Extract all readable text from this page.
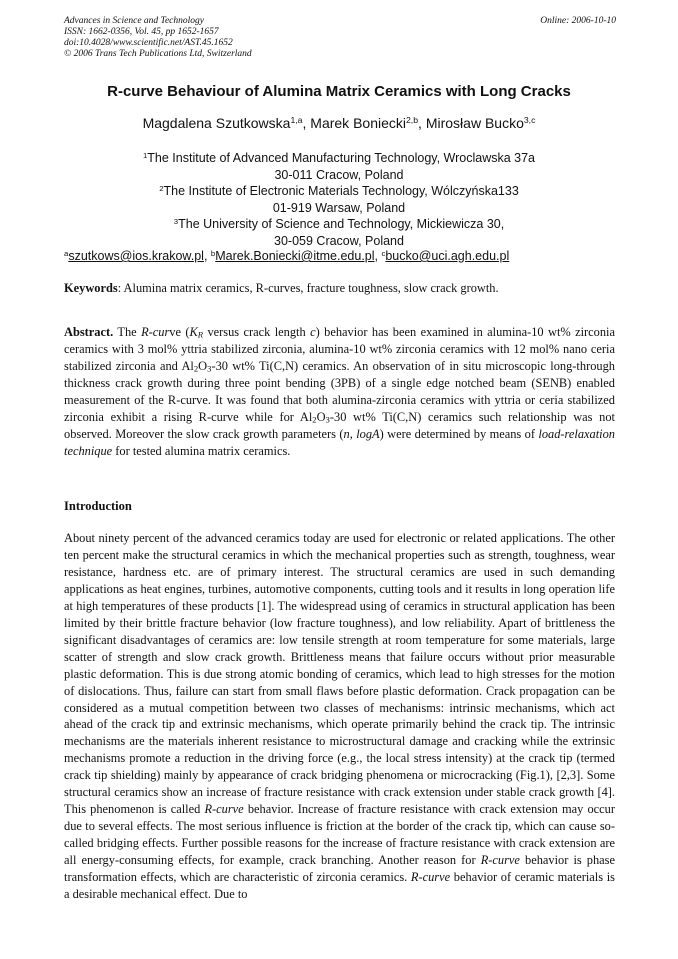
Advances in Science and Technology
ISSN: 1662-0356, Vol. 45, pp 1652-1657
doi:10.4028/www.scientific.net/AST.45.1652
© 2006 Trans Tech Publications Ltd, Switzerland
Online: 2006-10-10
R-curve Behaviour of Alumina Matrix Ceramics with Long Cracks
Magdalena Szutkowska$^{1,a}$, Marek Boniecki$^{2,b}$, Mirosław Bucko$^{3,c}$
$^1$The Institute of Advanced Manufacturing Technology, Wroclawska 37a
30-011 Cracow, Poland
$^2$The Institute of Electronic Materials Technology, Wólczyńska133
01-919 Warsaw, Poland
$^3$The University of Science and Technology, Mickiewicza 30,
30-059 Cracow, Poland
$^a$szutkows@ios.krakow.pl, $^b$Marek.Boniecki@itme.edu.pl, $^c$bucko@uci.agh.edu.pl
Keywords: Alumina matrix ceramics, R-curves, fracture toughness, slow crack growth.
Abstract. The R-curve ($K_R$ versus crack length c) behavior has been examined in alumina-10 wt% zirconia ceramics with 3 mol% yttria stabilized zirconia, alumina-10 wt% zirconia ceramics with 12 mol% nano ceria stabilized zirconia and $Al_2O_3-30$ wt% Ti(C,N) ceramics. An observation of in situ microscopic long-through thickness crack growth during three point bending (3PB) of a single edge notched beam (SENB) enabled measurement of the R-curve. It was found that both alumina-zirconia ceramics with yttria or ceria stabilized zirconia exhibit a rising R-curve while for $Al_2O_3-30$ wt% Ti(C,N) ceramics such relationship was not observed. Moreover the slow crack growth parameters (n, logA) were determined by means of load-relaxation technique for tested alumina matrix ceramics.
Introduction
About ninety percent of the advanced ceramics today are used for electronic or related applications. The other ten percent make the structural ceramics in which the mechanical properties such as strength, toughness, wear resistance, hardness etc. are of primary interest. The structural ceramics are used in such demanding applications as heat engines, turbines, automotive components, cutting tools and it results in long operation life at high temperatures of these products [1]. The widespread using of ceramics in structural application has been limited by their brittle fracture behavior (low fracture toughness), and low reliability. Apart of brittleness the significant disadvantages of ceramics are: low tensile strength at room temperature for some materials, large scatter of strength and slow crack growth. Brittleness means that failure occurs without prior measurable plastic deformation. This is due strong atomic bonding of ceramics, which lead to high stresses for the motion of dislocations. Thus, failure can start from small flaws before plastic deformation. Crack propagation can be considered as a mutual competition between two classes of mechanisms: intrinsic mechanisms, which act ahead of the crack tip and extrinsic mechanisms, which operate primarily behind the crack tip. The intrinsic mechanisms are the materials inherent resistance to microstructural damage and cracking while the extrinsic mechanisms promote a reduction in the driving force (e.g., the local stress intensity) at the crack tip (termed crack tip shielding) mainly by appearance of crack bridging phenomena or microcracking (Fig.1), [2,3]. Some structural ceramics show an increase of fracture resistance with crack extension under stable crack growth [4]. This phenomenon is called R-curve behavior. Increase of fracture resistance with crack extension may occur due to several effects. The most serious influence is friction at the border of the crack tip, which can cause so-called bridging effects. Further possible reasons for the increase of fracture resistance with crack extension are all energy-consuming effects, for example, crack branching. Another reason for R-curve behavior is phase transformation effects, which are characteristic of zirconia ceramics. R-curve behavior of ceramic materials is a desirable mechanical effect. Due to
